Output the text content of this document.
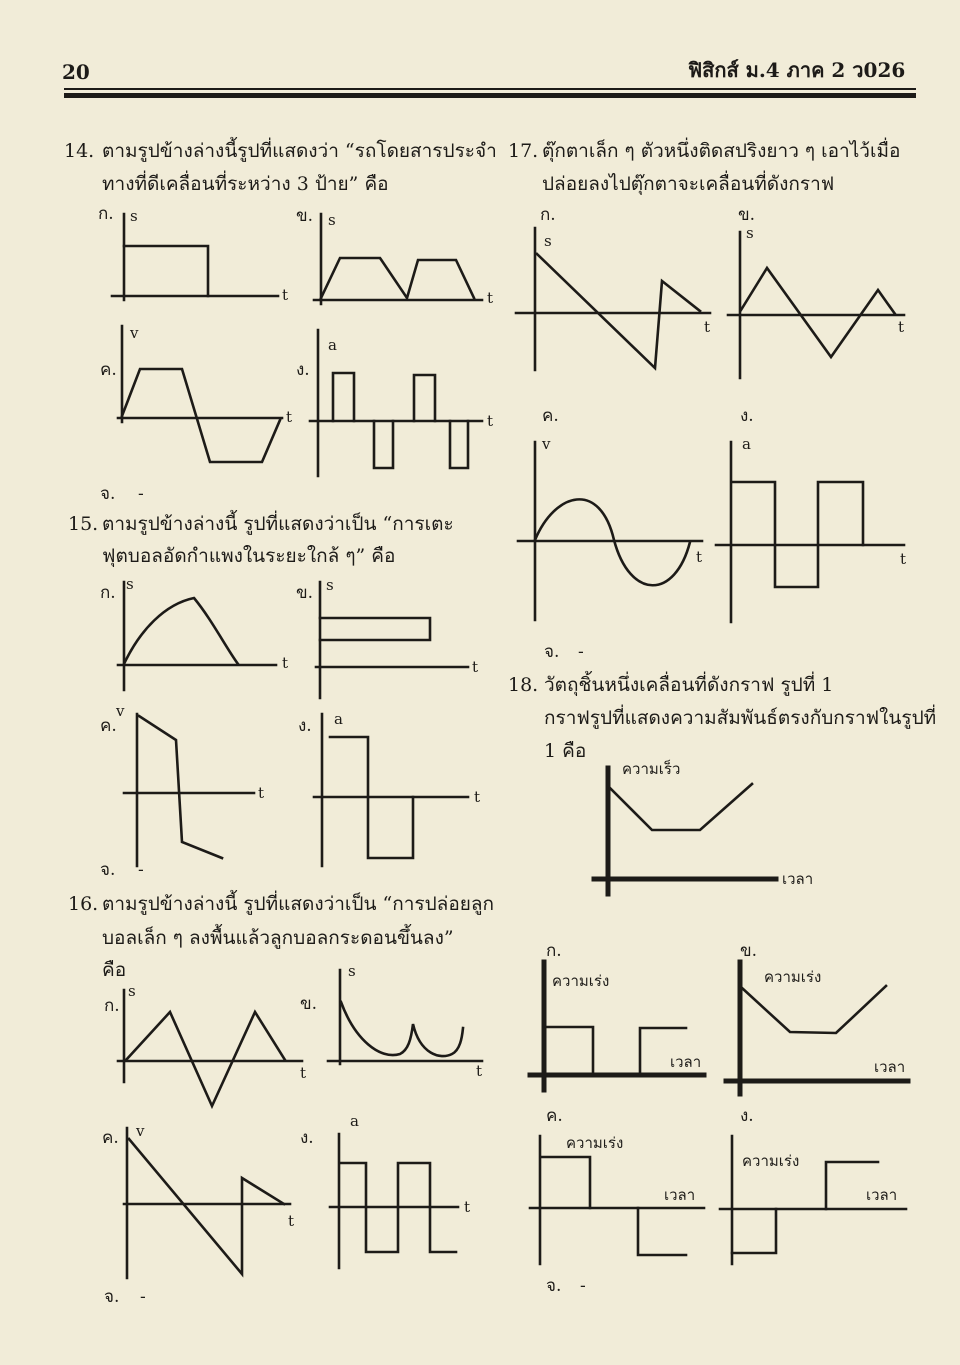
20	ฟิสิกส์ ม.4 ภาค 2 ว026
14. ตามรูปข้างล่างนี้รูปที่แสดงว่า “รถโดยสารประจำ
ทางที่ดีเคลื่อนที่ระหว่าง 3 ป้าย” คือ
ก. s
t
ข. s
t
v
ค.
t
a
ง.
t
จ. -
15. ตามรูปข้างล่างนี้ รูปที่แสดงว่าเป็น “การเตะ
ฟุตบอลอัดกำแพงในระยะใกล้ ๆ” คือ
ก. s
t
ข. s
t
v
ค.
t
ง. a
t
จ. -
16. ตามรูปข้างล่างนี้ รูปที่แสดงว่าเป็น “การปล่อยลูก
บอลเล็ก ๆ ลงพื้นแล้วลูกบอลกระดอนขึ้นลง”
คือ
s
ก.
t
ข.
s
t
ค. v
t
ง.
a
t
จ. -
17. ตุ๊กตาเล็ก ๆ ตัวหนึ่งติดสปริงยาว ๆ เอาไว้เมื่อ
ปล่อยลงไปตุ๊กตาจะเคลื่อนที่ดังกราฟ
ก.
s
t
ข.
s
t
ค.
v
t
ง.
a
t
จ. -
18. วัตถุชิ้นหนึ่งเคลื่อนที่ดังกราฟ รูปที่ 1
กราฟรูปที่แสดงความสัมพันธ์ตรงกับกราฟในรูปที่
1 คือ
ความเร็ว
เวลา
ก.
ความเร่ง
เวลา
ข.
ความเร่ง
เวลา
ค.
ความเร่ง
เวลา
ง.
ความเร่ง
เวลา
จ. -
